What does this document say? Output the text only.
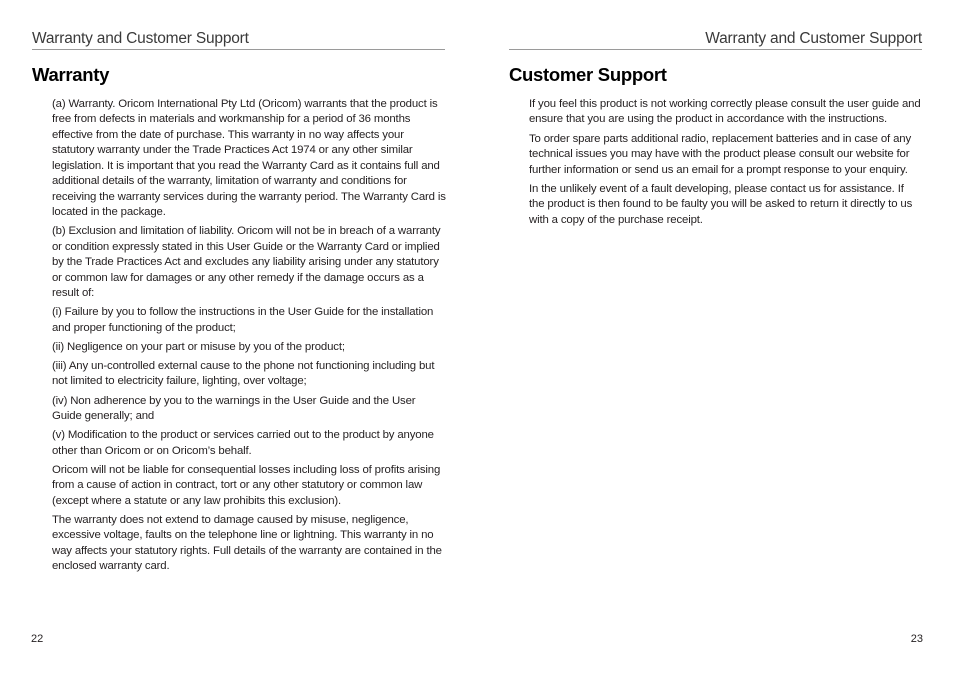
Warranty and Customer Support
Warranty

(a) Warranty. Oricom International Pty Ltd (Oricom) warrants that the product is free from defects in materials and workmanship for a period of 36 months effective from the date of purchase. This warranty in no way affects your statutory warranty under the Trade Practices Act 1974 or any other similar legislation. It is important that you read the Warranty Card as it contains full and additional details of the warranty, limitation of warranty and conditions for receiving the warranty services during the warranty period. The Warranty Card is located in the package.

(b) Exclusion and limitation of liability. Oricom will not be in breach of a warranty or condition expressly stated in this User Guide or the Warranty Card or implied by the Trade Practices Act and excludes any liability arising under any statutory or common law for damages or any other remedy if the damage occurs as a result of:

(i) Failure by you to follow the instructions in the User Guide for the installation and proper functioning of the product;

(ii) Negligence on your part or misuse by you of the product;

(iii) Any un-controlled external cause to the phone not functioning including but not limited to electricity failure, lighting, over voltage;

(iv) Non adherence by you to the warnings in the User Guide and the User Guide generally; and

(v) Modification to the product or services carried out to the product by anyone other than Oricom or on Oricom’s behalf.

Oricom will not be liable for consequential losses including loss of profits arising from a cause of action in contract, tort or any other statutory or common law (except where a statute or any law prohibits this exclusion).

The warranty does not extend to damage caused by misuse, negligence, excessive voltage, faults on the telephone line or lightning. This warranty in no way affects your statutory rights. Full details of the warranty are contained in the enclosed warranty card.

22
Warranty and Customer Support
Customer Support

If you feel this product is not working correctly please consult the user guide and ensure that you are using the product in accordance with the instructions.

To order spare parts additional radio, replacement batteries and in case of any technical issues you may have with the product please consult our website for further information or send us an email for a prompt response to your enquiry.

In the unlikely event of a fault developing, please contact us for assistance. If the product is then found to be faulty you will be asked to return it directly to us with a copy of the purchase receipt.

23
